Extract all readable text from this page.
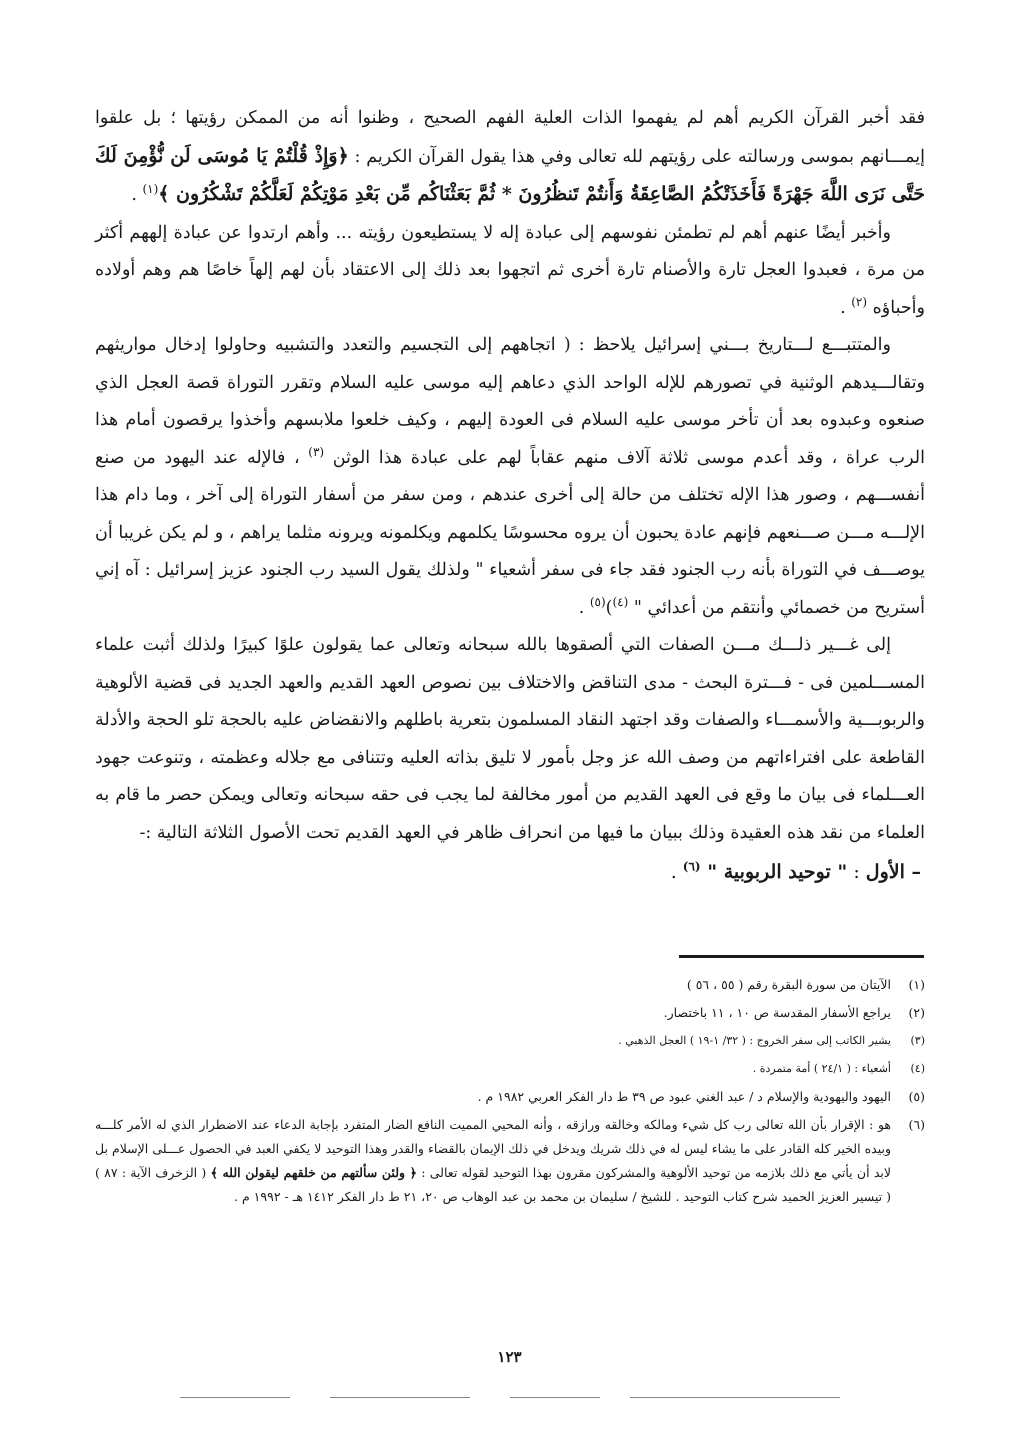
فقد أخبر القرآن الكريم أهم لم يفهموا الذات العلية الفهم الصحيح ، وظنوا أنه من الممكن رؤيتها ؛ بل علقوا إيمـــانهم بموسى ورسالته على رؤيتهم لله تعالى وفي هذا يقول القرآن الكريم : ﴿وَإِذْ قُلْتُمْ يَا مُوسَى لَن نُّؤْمِنَ لَكَ حَتَّى نَرَى اللَّهَ جَهْرَةً فَأَخَذَتْكُمُ الصَّاعِقَةُ وَأَنتُمْ تَنظُرُونَ * ثُمَّ بَعَثْنَاكُم مِّن بَعْدِ مَوْتِكُمْ لَعَلَّكُمْ تَشْكُرُون ﴾$^{(١)}$ .

وأخبر أيضًا عنهم أهم لم تطمئن نفوسهم إلى عبادة إله لا يستطيعون رؤيته ... وأهم ارتدوا عن عبادة إلههم أكثر من مرة ، فعبدوا العجل تارة والأصنام تارة أخرى ثم اتجهوا بعد ذلك إلى الاعتقاد بأن لهم إلهاً خاصًا هم وهم أولاده وأحباؤه $^{(٢)}$ .

والمتتبـــع لـــتاريخ بـــني إسرائيل يلاحظ : ( اتجاههم إلى التجسيم والتعدد والتشبيه وحاولوا إدخال مواريثهم وتقالـــيدهم الوثنية في تصورهم للإله الواحد الذي دعاهم إليه موسى عليه السلام وتقرر التوراة قصة العجل الذي صنعوه وعبدوه بعد أن تأخر موسى عليه السلام فى العودة إليهم ، وكيف خلعوا ملابسهم وأخذوا يرقصون أمام هذا الرب عراة ، وقد أعدم موسى ثلاثة آلاف منهم عقاباً لهم على عبادة هذا الوثن $^{(٣)}$ ، فالإله عند اليهود من صنع أنفســـهم ، وصور هذا الإله تختلف من حالة إلى أخرى عندهم ، ومن سفر من أسفار التوراة إلى آخر ، وما دام هذا الإلـــه مـــن صـــنعهم فإنهم عادة يحبون أن يروه محسوسًا يكلمهم ويكلمونه ويرونه مثلما يراهم ، و لم يكن غريبا أن يوصـــف في التوراة بأنه رب الجنود فقد جاء فى سفر أشعياء " ولذلك يقول السيد رب الجنود عزيز إسرائيل : آه إني أستريح من خصمائي وأنتقم من أعدائي " $^{(٤)}$)$^{(٥)}$ .

إلى غـــير ذلـــك مـــن الصفات التي ألصقوها بالله سبحانه وتعالى عما يقولون علوًا كبيرًا ولذلك أثبت علماء المســـلمين فى - فـــترة البحث - مدى التناقض والاختلاف بين نصوص العهد القديم والعهد الجديد فى قضية الألوهية والربوبـــية والأسمـــاء والصفات وقد اجتهد النقاد المسلمون بتعرية باطلهم والانقضاض عليه بالحجة تلو الحجة والأدلة القاطعة على افتراءاتهم من وصف الله عز وجل بأمور لا تليق بذاته العليه وتتنافى مع جلاله وعظمته ، وتنوعت جهود العـــلماء فى بيان ما وقع فى العهد القديم من أمور مخالفة لما يجب فى حقه سبحانه وتعالى ويمكن حصر ما قام به العلماء من نقد هذه العقيدة وذلك ببيان ما فيها من انحراف ظاهر في العهد القديم تحت الأصول الثلاثة التالية :-

– الأول : " توحيد الربوبية " $^{(٦)}$ .

(١)الآيتان من سورة البقرة رقم ( ٥٥ ، ٥٦ )

(٢)يراجع الأسفار المقدسة ص ١٠ ، ١١ باختصار.

(٣)يشير الكاتب إلى سفر الخروج : ( ٣٢/ ١-١٩ ) العجل الذهبي .

(٤)أشعياء : ( ٢٤/١ ) أمة متمردة .

(٥)اليهود واليهودية والإسلام د / عبد الغني عبود ص ٣٩ ط دار الفكر العربي ١٩٨٢ م .

(٦)هو : الإقرار بأن الله تعالى رب كل شيء ومالكه وخالقه ورازقه ، وأنه المحيي المميت النافع الضار المتفرد بإجابة الدعاء عند الاضطرار الذي له الأمر كلـــه وبيده الخير كله القادر على ما يشاء ليس له في ذلك شريك ويدخل في ذلك الإيمان بالقضاء والقدر وهذا التوحيد لا يكفي العبد في الحصول عـــلى الإسلام بل لابد أن يأتي مع ذلك بلازمه من توحيد الألوهية والمشركون مقرون بهذا التوحيد لقوله تعالى : ﴿ ولئن سألتهم من خلقهم ليقولن الله ﴾ ( الزخرف الآية : ٨٧ ) ( تيسير العزيز الحميد شرح كتاب التوحيد . للشيخ / سليمان بن محمد بن عبد الوهاب ص ٢٠، ٢١ ط دار الفكر ١٤١٢ هـ - ١٩٩٢ م .

١٢٣
